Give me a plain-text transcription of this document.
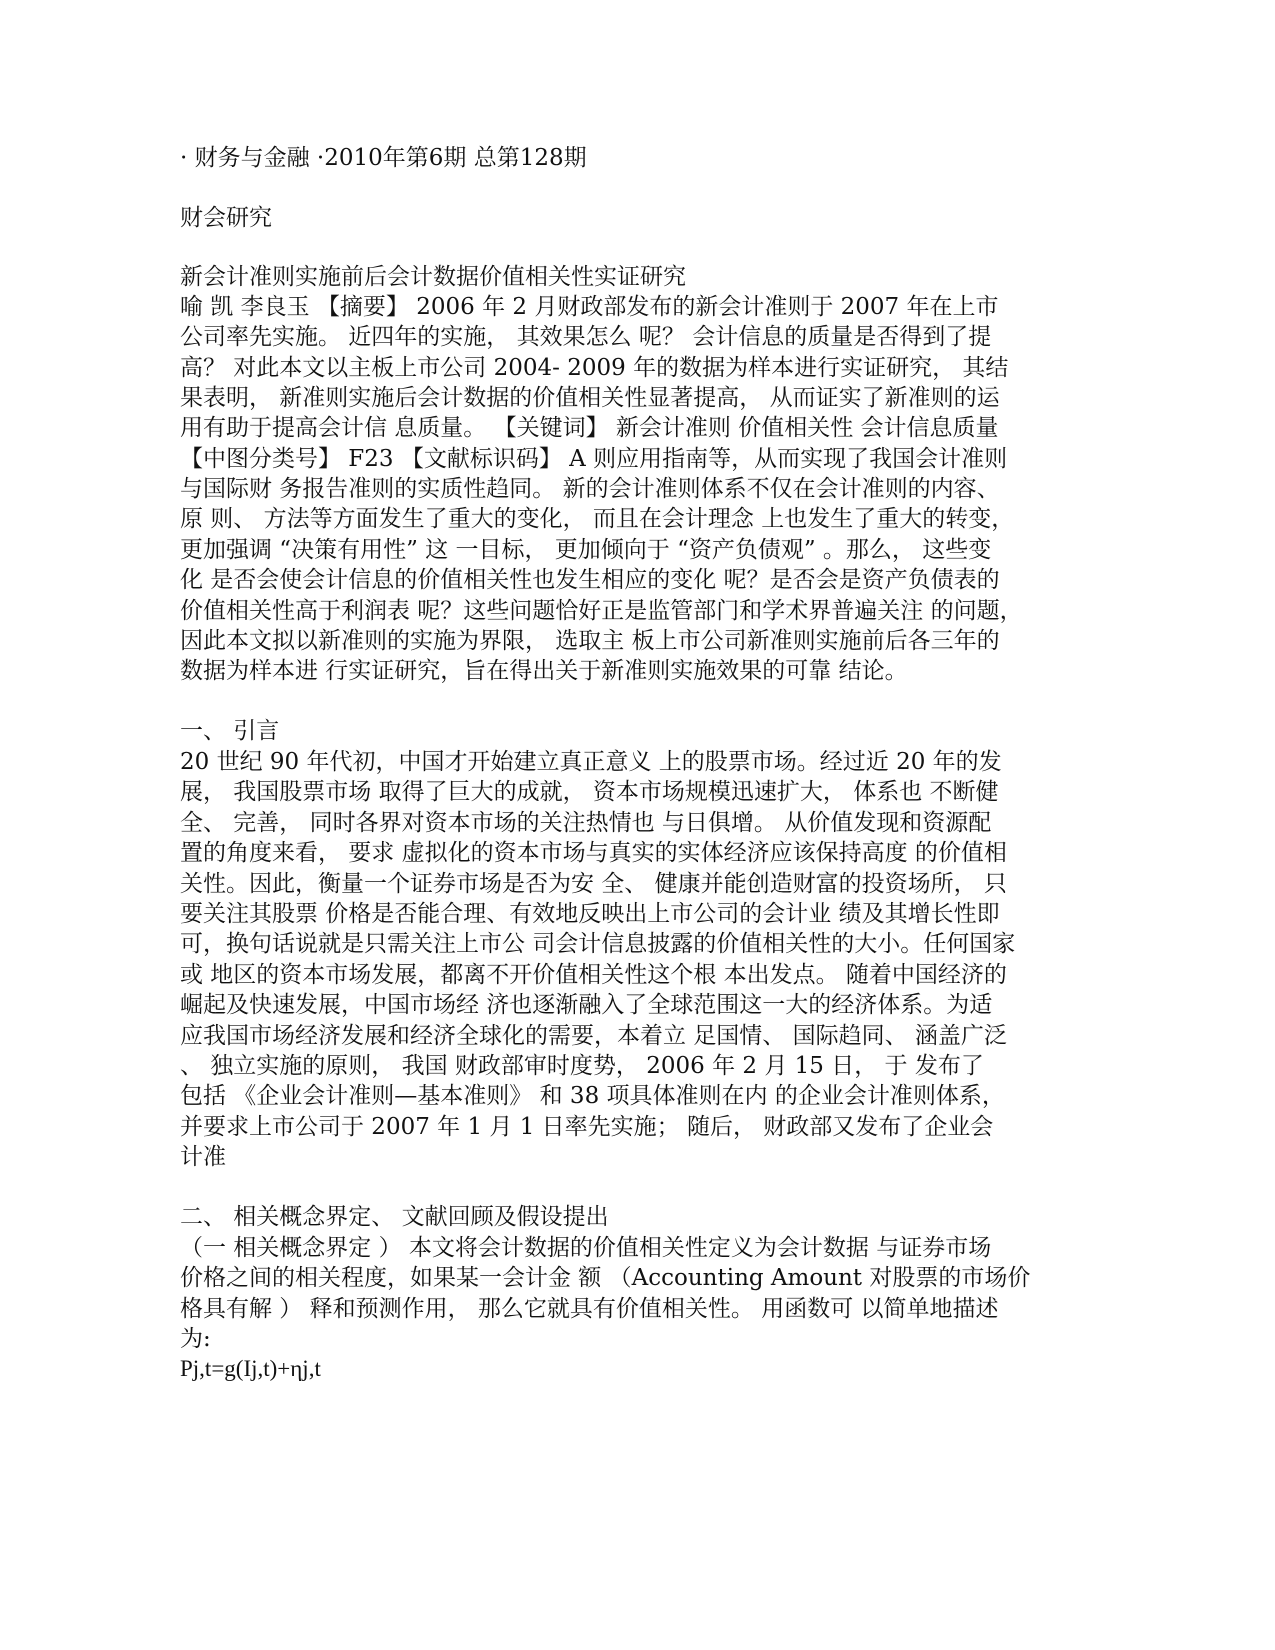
· 财务与金融 ·2010年第6期 总第128期
财会研究
新会计准则实施前后会计数据价值相关性实证研究
喻 凯 李良玉 【摘要】 2006 年 2 月财政部发布的新会计准则于 2007 年在上市
公司率先实施。 近四年的实施， 其效果怎么 呢？ 会计信息的质量是否得到了提
高？ 对此本文以主板上市公司 2004- 2009 年的数据为样本进行实证研究， 其结
果表明， 新准则实施后会计数据的价值相关性显著提高， 从而证实了新准则的运
用有助于提高会计信 息质量。 【关键词】 新会计准则 价值相关性 会计信息质量
【中图分类号】 F23 【文献标识码】 A 则应用指南等，从而实现了我国会计准则
与国际财 务报告准则的实质性趋同。 新的会计准则体系不仅在会计准则的内容、
原 则、 方法等方面发生了重大的变化， 而且在会计理念 上也发生了重大的转变，
更加强调 “决策有用性” 这 一目标， 更加倾向于 “资产负债观” 。那么， 这些变
化 是否会使会计信息的价值相关性也发生相应的变化 呢？是否会是资产负债表的
价值相关性高于利润表 呢？这些问题恰好正是监管部门和学术界普遍关注 的问题，
因此本文拟以新准则的实施为界限， 选取主 板上市公司新准则实施前后各三年的
数据为样本进 行实证研究，旨在得出关于新准则实施效果的可靠 结论。
一、 引言
20 世纪 90 年代初，中国才开始建立真正意义 上的股票市场。经过近 20 年的发
展， 我国股票市场 取得了巨大的成就， 资本市场规模迅速扩大， 体系也 不断健
全、 完善， 同时各界对资本市场的关注热情也 与日俱增。 从价值发现和资源配
置的角度来看， 要求 虚拟化的资本市场与真实的实体经济应该保持高度 的价值相
关性。因此，衡量一个证券市场是否为安 全、 健康并能创造财富的投资场所， 只
要关注其股票 价格是否能合理、有效地反映出上市公司的会计业 绩及其增长性即
可，换句话说就是只需关注上市公 司会计信息披露的价值相关性的大小。任何国家
或 地区的资本市场发展，都离不开价值相关性这个根 本出发点。 随着中国经济的
崛起及快速发展，中国市场经 济也逐渐融入了全球范围这一大的经济体系。为适
应我国市场经济发展和经济全球化的需要，本着立 足国情、 国际趋同、 涵盖广泛
、 独立实施的原则， 我国 财政部审时度势， 2006 年 2 月 15 日， 于 发布了
包括 《企业会计准则—基本准则》 和 38 项具体准则在内 的企业会计准则体系，
并要求上市公司于 2007 年 1 月 1 日率先实施； 随后， 财政部又发布了企业会
计准
二、 相关概念界定、 文献回顾及假设提出
（一 相关概念界定 ） 本文将会计数据的价值相关性定义为会计数据 与证券市场
价格之间的相关程度，如果某一会计金 额 （Accounting Amount 对股票的市场价
格具有解 ） 释和预测作用， 那么它就具有价值相关性。 用函数可 以简单地描述
为:
Pj,t=g(Ij,t)+ηj,t
